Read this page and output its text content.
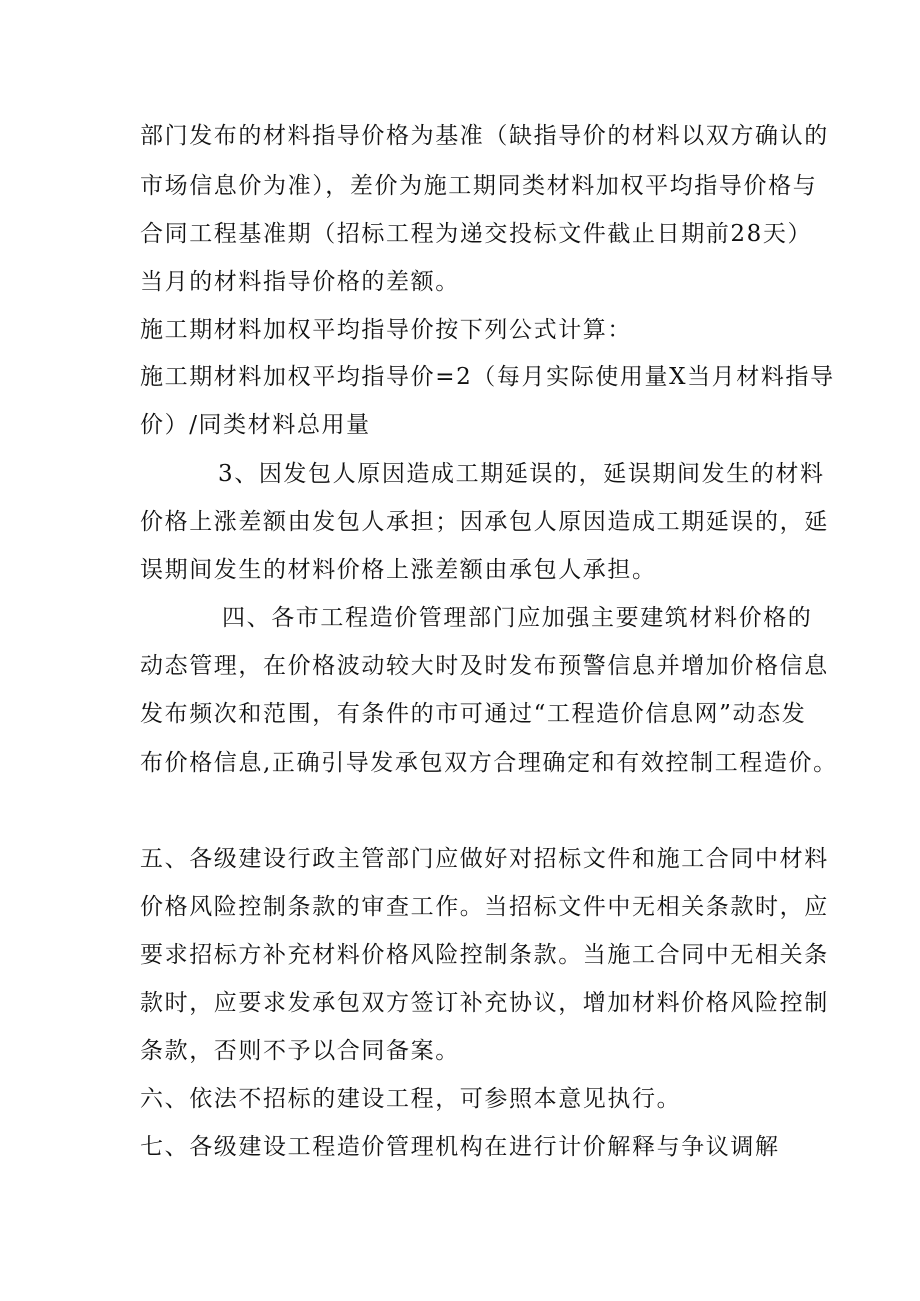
部门发布的材料指导价格为基准（缺指导价的材料以双方确认的
市场信息价为准），差价为施工期同类材料加权平均指导价格与
合同工程基准期（招标工程为递交投标文件截止日期前28天）
当月的材料指导价格的差额。
施工期材料加权平均指导价按下列公式计算：
施工期材料加权平均指导价=2（每月实际使用量X当月材料指导
价）/同类材料总用量
3、因发包人原因造成工期延误的，延误期间发生的材料
价格上涨差额由发包人承担；因承包人原因造成工期延误的，延
误期间发生的材料价格上涨差额由承包人承担。
四、各市工程造价管理部门应加强主要建筑材料价格的
动态管理，在价格波动较大时及时发布预警信息并增加价格信息
发布频次和范围，有条件的市可通过“工程造价信息网”动态发
布价格信息,正确引导发承包双方合理确定和有效控制工程造价。
五、各级建设行政主管部门应做好对招标文件和施工合同中材料
价格风险控制条款的审查工作。当招标文件中无相关条款时，应
要求招标方补充材料价格风险控制条款。当施工合同中无相关条
款时，应要求发承包双方签订补充协议，增加材料价格风险控制
条款，否则不予以合同备案。
六、依法不招标的建设工程，可参照本意见执行。
七、各级建设工程造价管理机构在进行计价解释与争议调解
